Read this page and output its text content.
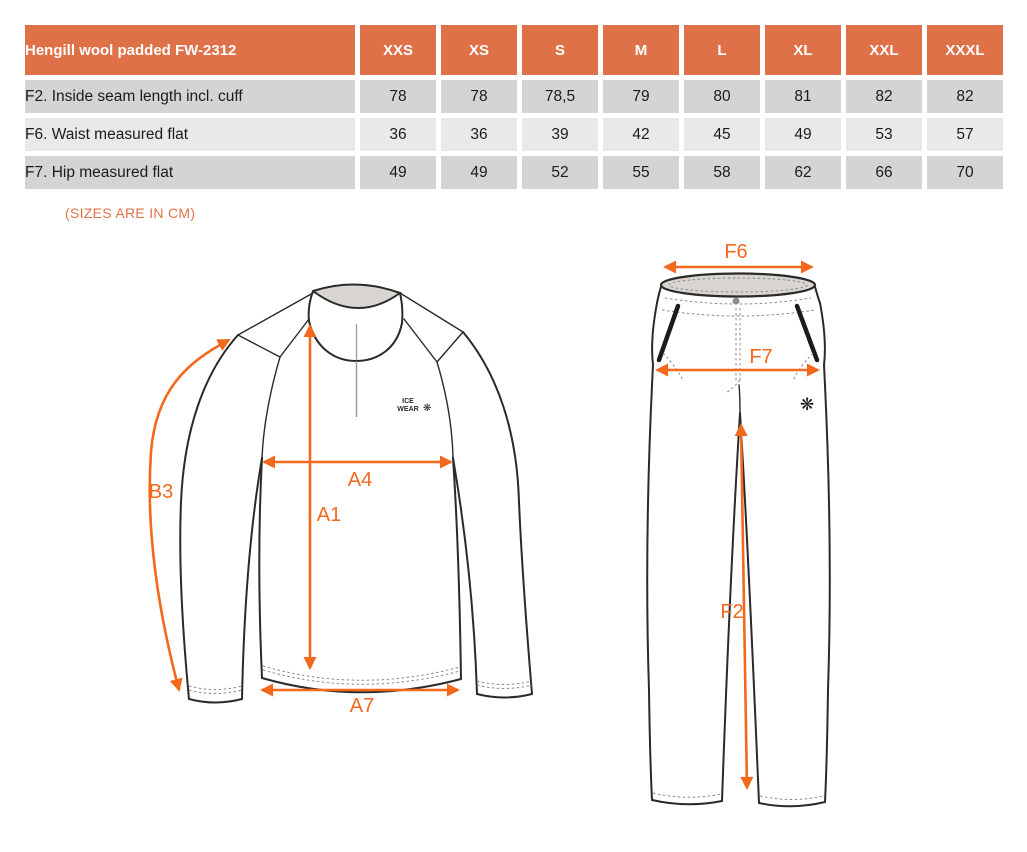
Hengill wool padded FW-2312	XXS	XS	S	M	L	XL	XXL	XXXL
F2. Inside seam length incl. cuff	78	78	78,5	79	80	81	82	82
F6. Waist measured flat	36	36	39	42	45	49	53	57
F7. Hip measured flat	49	49	52	55	58	62	66	70
(SIZES ARE IN CM)
ICE
WEAR ❋
B3
A4
A1
A7
❋
F6
F7
F2
